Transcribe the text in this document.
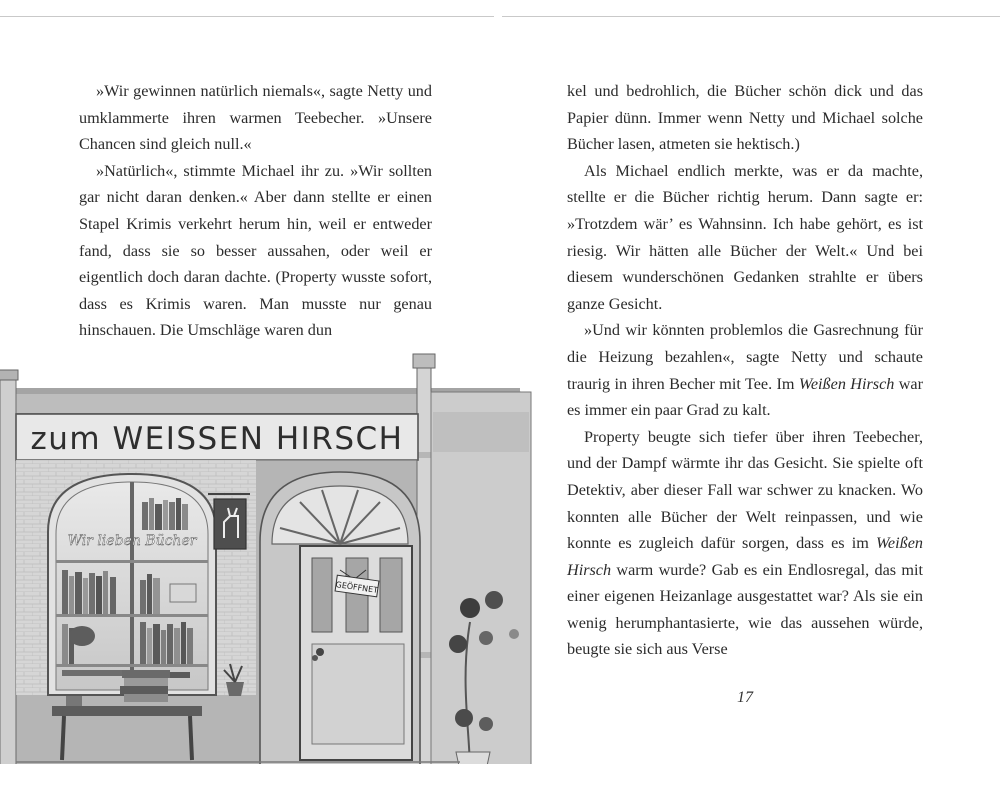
»Wir gewinnen natürlich niemals«, sagte Netty und umklammerte ihren warmen Teebecher. »Unsere Chancen sind gleich null.«

»Natürlich«, stimmte Michael ihr zu. »Wir sollten gar nicht daran denken.« Aber dann stellte er einen Stapel Krimis verkehrt herum hin, weil er entweder fand, dass sie so besser aussahen, oder weil er eigentlich doch daran dachte. (Property wusste sofort, dass es Krimis waren. Man musste nur genau hinschauen. Die Umschläge waren dun

kel und bedrohlich, die Bücher schön dick und das Papier dünn. Immer wenn Netty und Michael solche Bücher lasen, atmeten sie hektisch.)

Als Michael endlich merkte, was er da machte, stellte er die Bücher richtig herum. Dann sagte er: »Trotzdem wär’ es Wahnsinn. Ich habe gehört, es ist riesig. Wir hätten alle Bücher der Welt.« Und bei diesem wunderschönen Gedanken strahlte er übers ganze Gesicht.

»Und wir könnten problemlos die Gasrechnung für die Heizung bezahlen«, sagte Netty und schaute traurig in ihren Becher mit Tee. Im Weißen Hirsch war es immer ein paar Grad zu kalt.

Property beugte sich tiefer über ihren Teebecher, und der Dampf wärmte ihr das Gesicht. Sie spielte oft Detektiv, aber dieser Fall war schwer zu knacken. Wo konnten alle Bücher der Welt reinpassen, und wie konnte es zugleich dafür sorgen, dass es im Weißen Hirsch warm wurde? Gab es ein Endlosregal, das mit einer eigenen Heizanlage ausgestattet war? Als sie ein wenig herumphantasierte, wie das aussehen würde, beugte sie sich aus Verse

17
zum WEISSEN HIRSCH
Wir lieben Bücher
GEÖFFNET
